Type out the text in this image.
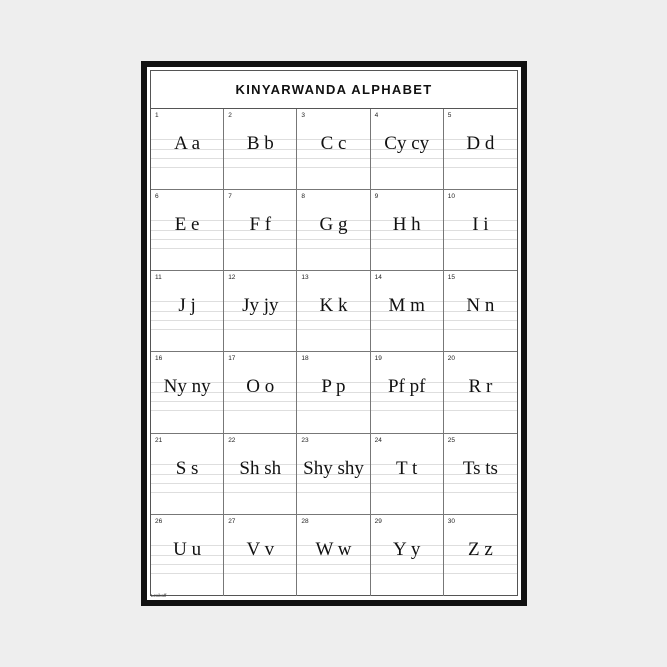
KINYARWANDA ALPHABET
1
A a
2
B b
3
C c
4
Cy cy
5
D d
6
E e
7
F f
8
G g
9
H h
10
I i
11
J j
12
Jy jy
13
K k
14
M m
15
N n
16
Ny ny
17
O o
18
P p
19
Pf pf
20
R r
21
S s
22
Sh sh
23
Shy shy
24
T t
25
Ts ts
26
U u
27
V v
28
W w
29
Y y
30
Z z
Lexikoff
